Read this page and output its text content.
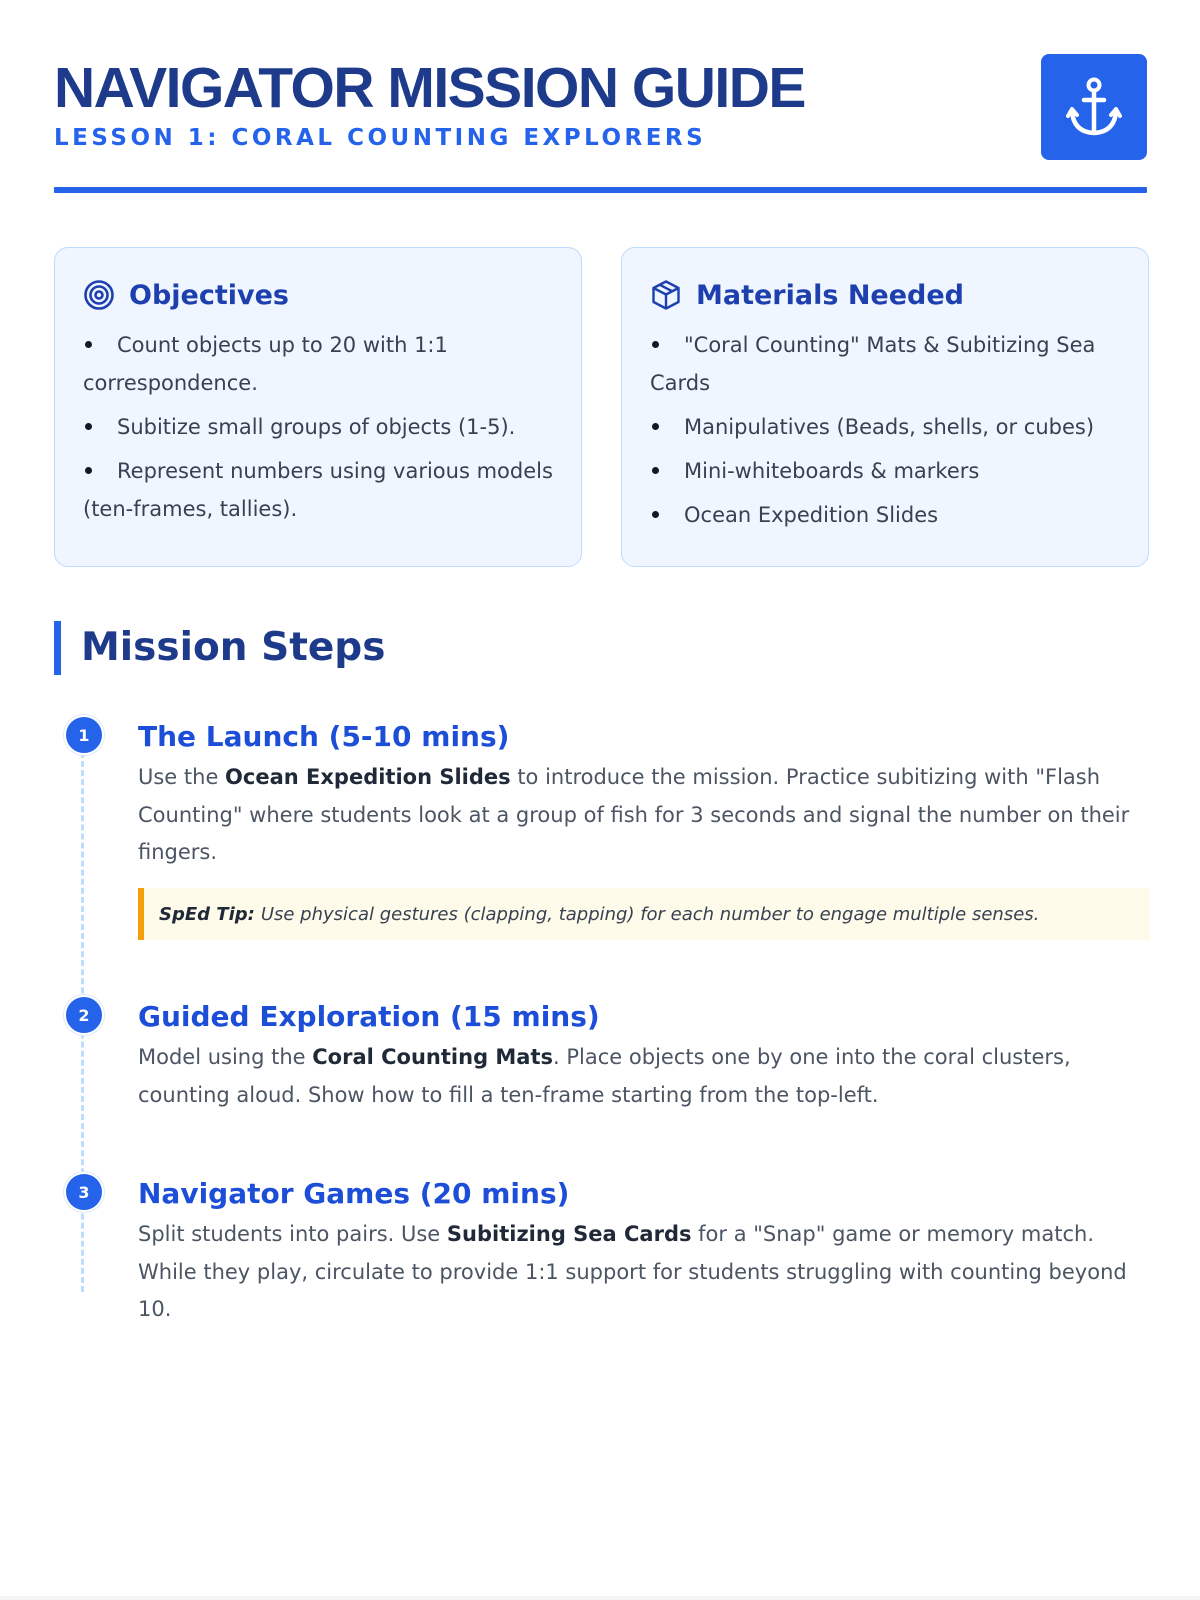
NAVIGATOR MISSION GUIDE
LESSON 1: CORAL COUNTING EXPLORERS
Objectives
Count objects up to 20 with 1:1 correspondence.
Subitize small groups of objects (1-5).
Represent numbers using various models (ten-frames, tallies).
Materials Needed
"Coral Counting" Mats & Subitizing Sea Cards
Manipulatives (Beads, shells, or cubes)
Mini-whiteboards & markers
Ocean Expedition Slides
Mission Steps
1	The Launch (5-10 mins)

Use the Ocean Expedition Slides to introduce the mission. Practice subitizing with "Flash Counting" where students look at a group of fish for 3 seconds and signal the number on their fingers.

SpEd Tip: Use physical gestures (clapping, tapping) for each number to engage multiple senses.
2	Guided Exploration (15 mins)

Model using the Coral Counting Mats. Place objects one by one into the coral clusters, counting aloud. Show how to fill a ten-frame starting from the top-left.

3	Navigator Games (20 mins)

Split students into pairs. Use Subitizing Sea Cards for a "Snap" game or memory match. While they play, circulate to provide 1:1 support for students struggling with counting beyond 10.
